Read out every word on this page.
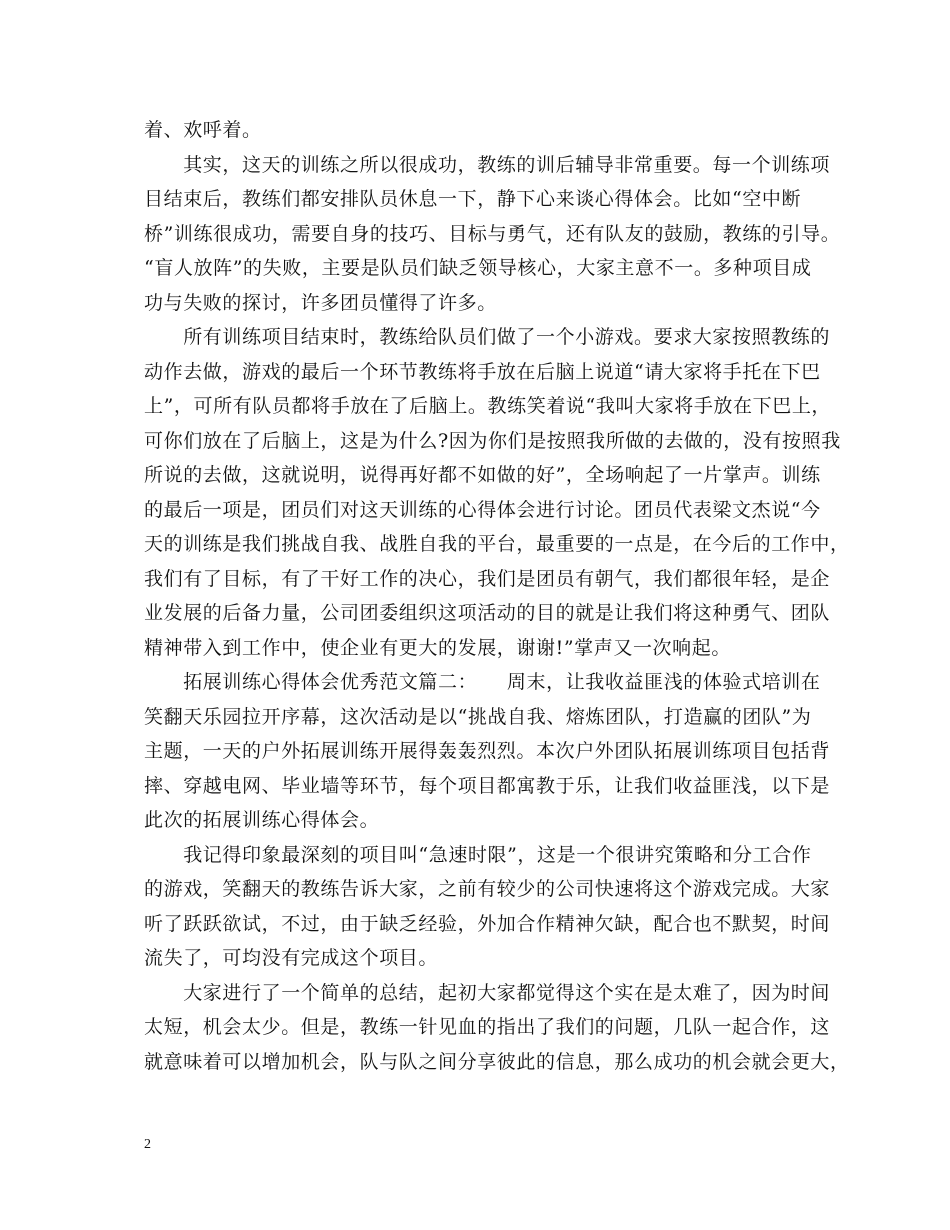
着、欢呼着。
　　其实，这天的训练之所以很成功，教练的训后辅导非常重要。每一个训练项
目结束后，教练们都安排队员休息一下，静下心来谈心得体会。比如“空中断
桥”训练很成功，需要自身的技巧、目标与勇气，还有队友的鼓励，教练的引导。
“盲人放阵”的失败，主要是队员们缺乏领导核心，大家主意不一。多种项目成
功与失败的探讨，许多团员懂得了许多。
　　所有训练项目结束时，教练给队员们做了一个小游戏。要求大家按照教练的
动作去做，游戏的最后一个环节教练将手放在后脑上说道“请大家将手托在下巴
上”，可所有队员都将手放在了后脑上。教练笑着说“我叫大家将手放在下巴上，
可你们放在了后脑上，这是为什么?因为你们是按照我所做的去做的，没有按照我
所说的去做，这就说明，说得再好都不如做的好”，全场响起了一片掌声。训练
的最后一项是，团员们对这天训练的心得体会进行讨论。团员代表梁文杰说“今
天的训练是我们挑战自我、战胜自我的平台，最重要的一点是，在今后的工作中，
我们有了目标，有了干好工作的决心，我们是团员有朝气，我们都很年轻，是企
业发展的后备力量，公司团委组织这项活动的目的就是让我们将这种勇气、团队
精神带入到工作中，使企业有更大的发展，谢谢!”掌声又一次响起。
　　拓展训练心得体会优秀范文篇二：　　周末，让我收益匪浅的体验式培训在
笑翻天乐园拉开序幕，这次活动是以“挑战自我、熔炼团队，打造赢的团队”为
主题，一天的户外拓展训练开展得轰轰烈烈。本次户外团队拓展训练项目包括背
摔、穿越电网、毕业墙等环节，每个项目都寓教于乐，让我们收益匪浅，以下是
此次的拓展训练心得体会。
　　我记得印象最深刻的项目叫“急速时限”，这是一个很讲究策略和分工合作
的游戏，笑翻天的教练告诉大家，之前有较少的公司快速将这个游戏完成。大家
听了跃跃欲试，不过，由于缺乏经验，外加合作精神欠缺，配合也不默契，时间
流失了，可均没有完成这个项目。
　　大家进行了一个简单的总结，起初大家都觉得这个实在是太难了，因为时间
太短，机会太少。但是，教练一针见血的指出了我们的问题，几队一起合作，这
就意味着可以增加机会，队与队之间分享彼此的信息，那么成功的机会就会更大，
2
